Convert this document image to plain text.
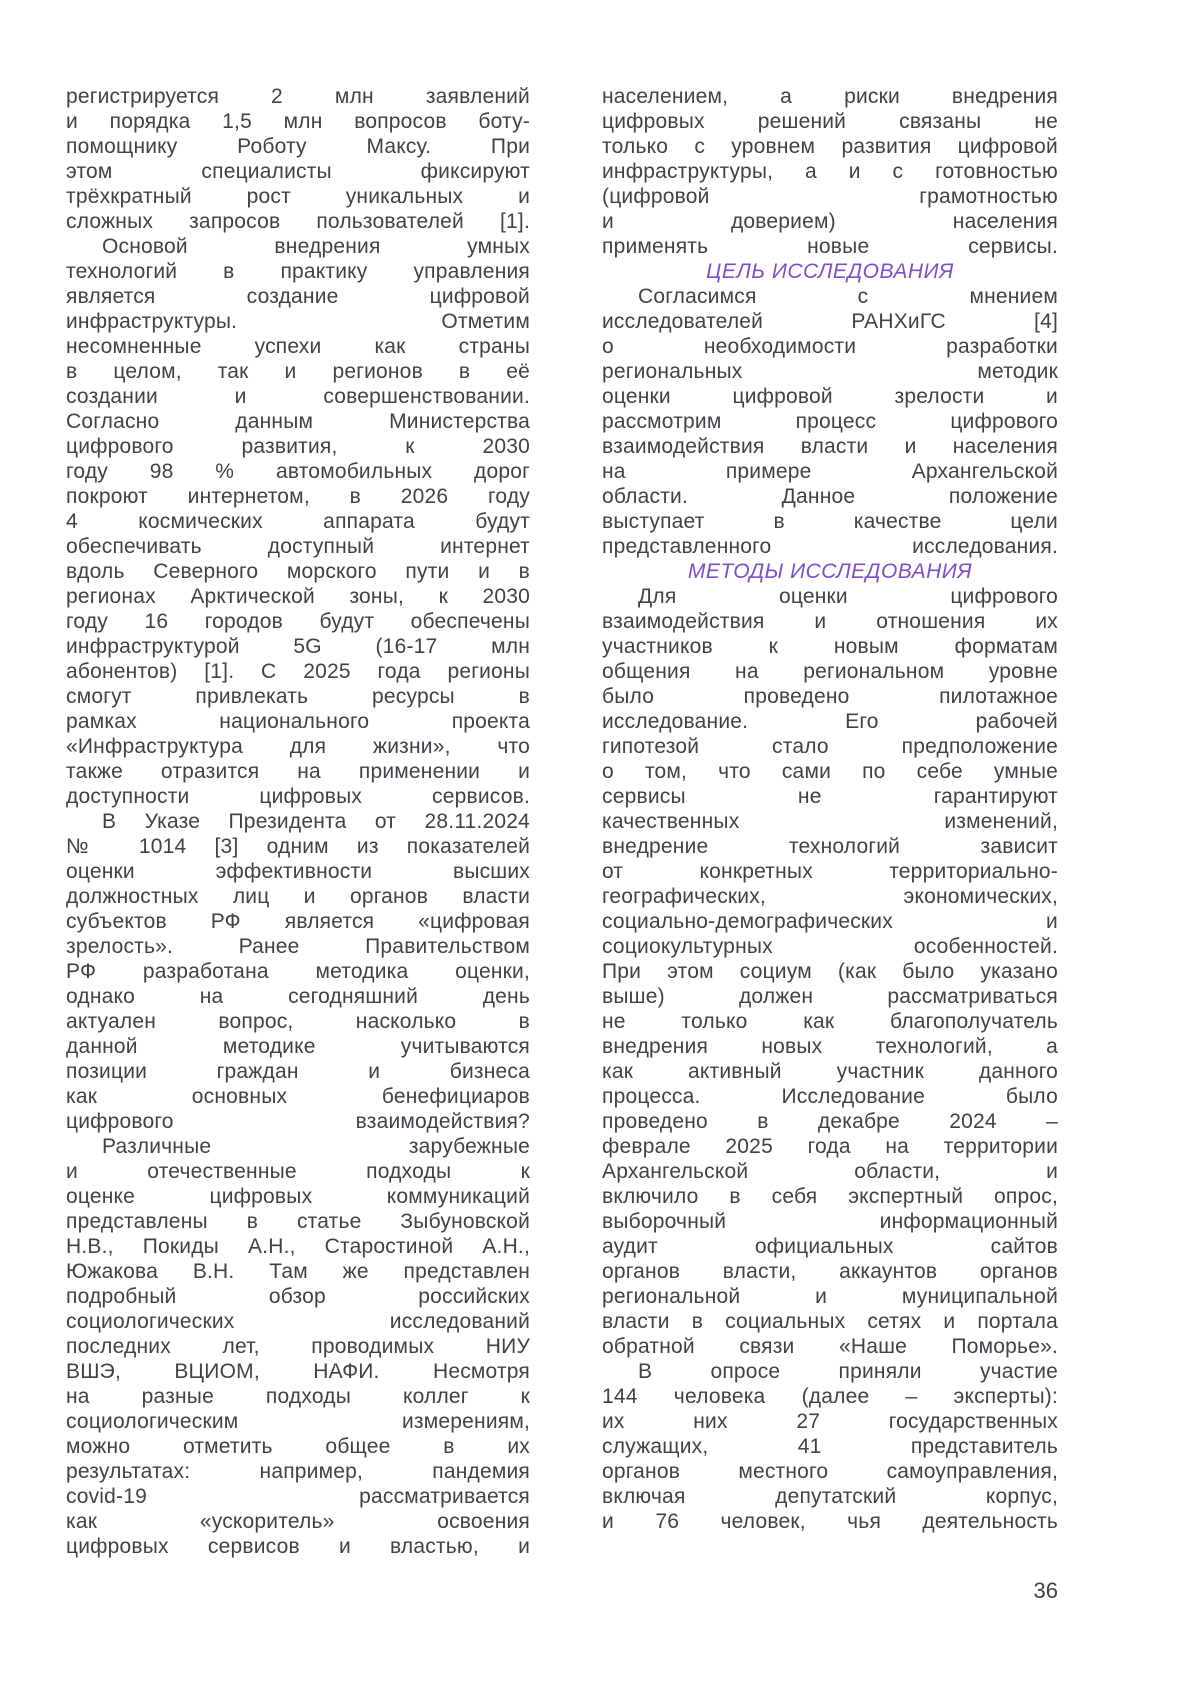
регистрируется 2 млн заявлений
и порядка 1,5 млн вопросов боту-
помощнику Роботу Максу. При
этом специалисты фиксируют
трёхкратный рост уникальных и
сложных запросов пользователей [1].
Основой внедрения умных
технологий в практику управления
является создание цифровой
инфраструктуры. Отметим
несомненные успехи как страны
в целом, так и регионов в её
создании и совершенствовании.
Согласно данным Министерства
цифрового развития, к 2030
году 98 % автомобильных дорог
покроют интернетом, в 2026 году
4 космических аппарата будут
обеспечивать доступный интернет
вдоль Северного морского пути и в
регионах Арктической зоны, к 2030
году 16 городов будут обеспечены
инфраструктурой 5G (16-17 млн
абонентов) [1]. С 2025 года регионы
смогут привлекать ресурсы в
рамках национального проекта
«Инфраструктура для жизни», что
также отразится на применении и
доступности цифровых сервисов.
В Указе Президента от 28.11.2024
№ 1014 [3] одним из показателей
оценки эффективности высших
должностных лиц и органов власти
субъектов РФ является «цифровая
зрелость». Ранее Правительством
РФ разработана методика оценки,
однако на сегодняшний день
актуален вопрос, насколько в
данной методике учитываются
позиции граждан и бизнеса
как основных бенефициаров
цифрового взаимодействия?
Различные зарубежные
и отечественные подходы к
оценке цифровых коммуникаций
представлены в статье Зыбуновской
Н.В., Покиды А.Н., Старостиной А.Н.,
Южакова В.Н. Там же представлен
подробный обзор российских
социологических исследований
последних лет, проводимых НИУ
ВШЭ, ВЦИОМ, НАФИ. Несмотря
на разные подходы коллег к
социологическим измерениям,
можно отметить общее в их
результатах: например, пандемия
covid-19 рассматривается
как «ускоритель» освоения
цифровых сервисов и властью, и
населением, а риски внедрения
цифровых решений связаны не
только с уровнем развития цифровой
инфраструктуры, а и с готовностью
(цифровой грамотностью
и доверием) населения
применять новые сервисы.
ЦЕЛЬ ИССЛЕДОВАНИЯ
Согласимся с мнением
исследователей РАНХиГС [4]
о необходимости разработки
региональных методик
оценки цифровой зрелости и
рассмотрим процесс цифрового
взаимодействия власти и населения
на примере Архангельской
области. Данное положение
выступает в качестве цели
представленного исследования.
МЕТОДЫ ИССЛЕДОВАНИЯ
Для оценки цифрового
взаимодействия и отношения их
участников к новым форматам
общения на региональном уровне
было проведено пилотажное
исследование. Его рабочей
гипотезой стало предположение
о том, что сами по себе умные
сервисы не гарантируют
качественных изменений,
внедрение технологий зависит
от конкретных территориально-
географических, экономических,
социально-демографических и
социокультурных особенностей.
При этом социум (как было указано
выше) должен рассматриваться
не только как благополучатель
внедрения новых технологий, а
как активный участник данного
процесса. Исследование было
проведено в декабре 2024 –
феврале 2025 года на территории
Архангельской области, и
включило в себя экспертный опрос,
выборочный информационный
аудит официальных сайтов
органов власти, аккаунтов органов
региональной и муниципальной
власти в социальных сетях и портала
обратной связи «Наше Поморье».
В опросе приняли участие
144 человека (далее – эксперты):
их них 27 государственных
служащих, 41 представитель
органов местного самоуправления,
включая депутатский корпус,
и 76 человек, чья деятельность
36
